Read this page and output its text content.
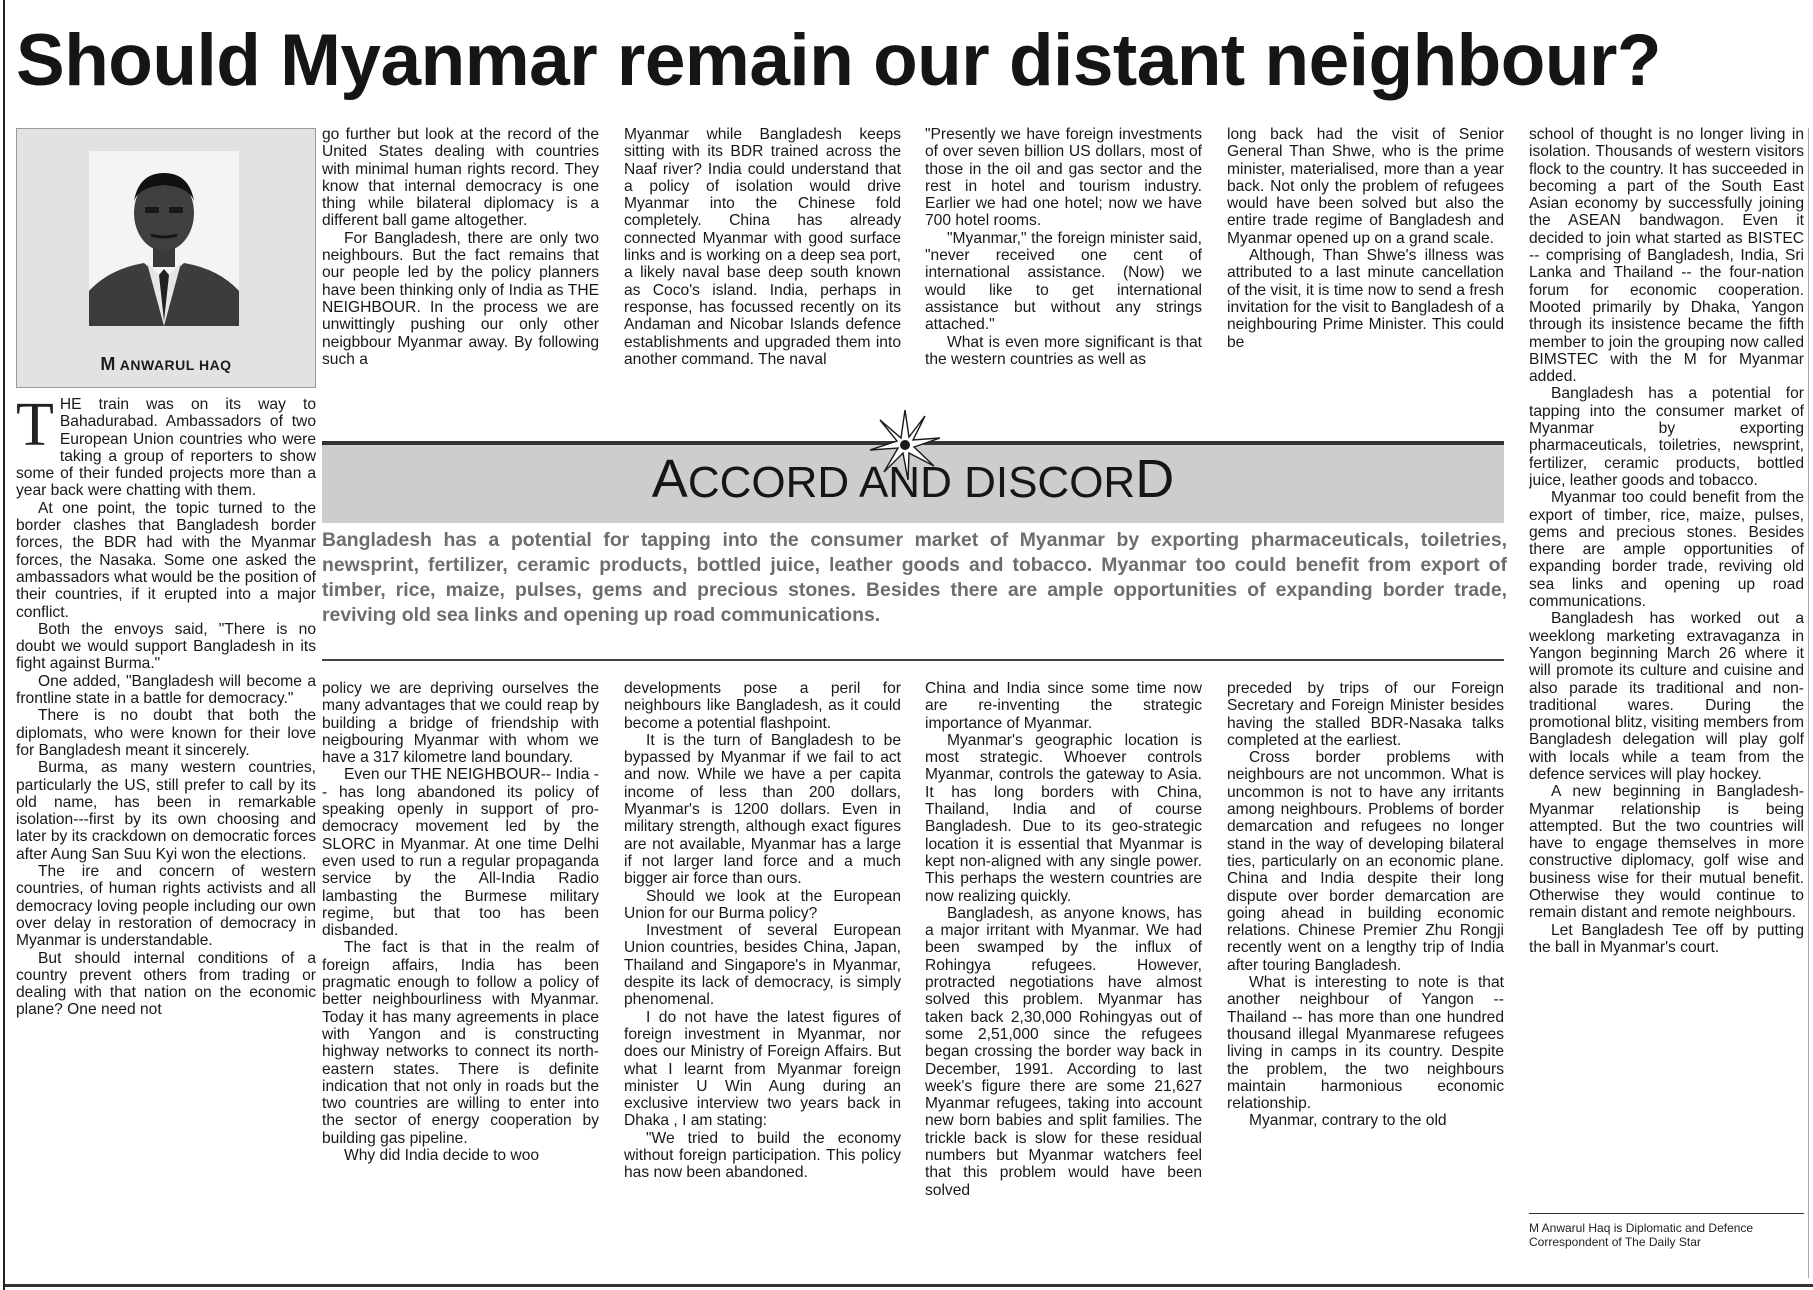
Should Myanmar remain our distant neighbour?
M ANWARUL HAQ

THE train was on its way to Bahadurabad. Ambassadors of two European Union countries who were taking a group of reporters to show some of their funded projects more than a year back were chatting with them.

At one point, the topic turned to the border clashes that Bangladesh border forces, the BDR had with the Myanmar forces, the Nasaka. Some one asked the ambassadors what would be the position of their countries, if it erupted into a major conflict.

Both the envoys said, "There is no doubt we would support Bangladesh in its fight against Burma."

One added, "Bangladesh will become a frontline state in a battle for democracy."

There is no doubt that both the diplomats, who were known for their love for Bangladesh meant it sincerely.

Burma, as many western countries, particularly the US, still prefer to call by its old name, has been in remarkable isolation---first by its own choosing and later by its crackdown on democratic forces after Aung San Suu Kyi won the elections.

The ire and concern of western countries, of human rights activists and all democracy loving people including our own over delay in restoration of democracy in Myanmar is understandable.

But should internal conditions of a country prevent others from trading or dealing with that nation on the economic plane? One need not

go further but look at the record of the United States dealing with countries with minimal human rights record. They know that internal democracy is one thing while bilateral diplomacy is a different ball game altogether.

For Bangladesh, there are only two neighbours. But the fact remains that our people led by the policy planners have been thinking only of India as THE NEIGHBOUR. In the process we are unwittingly pushing our only other neigbbour Myanmar away. By following such a

Myanmar while Bangladesh keeps sitting with its BDR trained across the Naaf river? India could understand that a policy of isolation would drive Myanmar into the Chinese fold completely. China has already connected Myanmar with good surface links and is working on a deep sea port, a likely naval base deep south known as Coco's island. India, perhaps in response, has focussed recently on its Andaman and Nicobar Islands defence establishments and upgraded them into another command. The naval

"Presently we have foreign investments of over seven billion US dollars, most of those in the oil and gas sector and the rest in hotel and tourism industry. Earlier we had one hotel; now we have 700 hotel rooms.

"Myanmar," the foreign minister said, "never received one cent of international assistance. (Now) we would like to get international assistance but without any strings attached."

What is even more significant is that the western countries as well as

long back had the visit of Senior General Than Shwe, who is the prime minister, materialised, more than a year back. Not only the problem of refugees would have been solved but also the entire trade regime of Bangladesh and Myanmar opened up on a grand scale.

Although, Than Shwe's illness was attributed to a last minute cancellation of the visit, it is time now to send a fresh invitation for the visit to Bangladesh of a neighbouring Prime Minister. This could be

ACCORD AND DISCORD

Bangladesh has a potential for tapping into the consumer market of Myanmar by exporting pharmaceuticals, toiletries, newsprint, fertilizer, ceramic products, bottled juice, leather goods and tobacco. Myanmar too could benefit from export of timber, rice, maize, pulses, gems and precious stones. Besides there are ample opportunities of expanding border trade, reviving old sea links and opening up road communications.

policy we are depriving ourselves the many advantages that we could reap by building a bridge of friendship with neigbouring Myanmar with whom we have a 317 kilometre land boundary.

Even our THE NEIGHBOUR-- India -- has long abandoned its policy of speaking openly in support of pro-democracy movement led by the SLORC in Myanmar. At one time Delhi even used to run a regular propaganda service by the All-India Radio lambasting the Burmese military regime, but that too has been disbanded.

The fact is that in the realm of foreign affairs, India has been pragmatic enough to follow a policy of better neighbourliness with Myanmar. Today it has many agreements in place with Yangon and is constructing highway networks to connect its north-eastern states. There is definite indication that not only in roads but the two countries are willing to enter into the sector of energy cooperation by building gas pipeline.

Why did India decide to woo

developments pose a peril for neighbours like Bangladesh, as it could become a potential flashpoint.

It is the turn of Bangladesh to be bypassed by Myanmar if we fail to act and now. While we have a per capita income of less than 200 dollars, Myanmar's is 1200 dollars. Even in military strength, although exact figures are not available, Myanmar has a large if not larger land force and a much bigger air force than ours.

Should we look at the European Union for our Burma policy?

Investment of several European Union countries, besides China, Japan, Thailand and Singapore's in Myanmar, despite its lack of democracy, is simply phenomenal.

I do not have the latest figures of foreign investment in Myanmar, nor does our Ministry of Foreign Affairs. But what I learnt from Myanmar foreign minister U Win Aung during an exclusive interview two years back in Dhaka , I am stating:

"We tried to build the economy without foreign participation. This policy has now been abandoned.

China and India since some time now are re-inventing the strategic importance of Myanmar.

Myanmar's geographic location is most strategic. Whoever controls Myanmar, controls the gateway to Asia. It has long borders with China, Thailand, India and of course Bangladesh. Due to its geo-strategic location it is essential that Myanmar is kept non-aligned with any single power. This perhaps the western countries are now realizing quickly.

Bangladesh, as anyone knows, has a major irritant with Myanmar. We had been swamped by the influx of Rohingya refugees. However, protracted negotiations have almost solved this problem. Myanmar has taken back 2,30,000 Rohingyas out of some 2,51,000 since the refugees began crossing the border way back in December, 1991. According to last week's figure there are some 21,627 Myanmar refugees, taking into account new born babies and split families. The trickle back is slow for these residual numbers but Myanmar watchers feel that this problem would have been solved

preceded by trips of our Foreign Secretary and Foreign Minister besides having the stalled BDR-Nasaka talks completed at the earliest.

Cross border problems with neighbours are not uncommon. What is uncommon is not to have any irritants among neighbours. Problems of border demarcation and refugees no longer stand in the way of developing bilateral ties, particularly on an economic plane. China and India despite their long dispute over border demarcation are going ahead in building economic relations. Chinese Premier Zhu Rongji recently went on a lengthy trip of India after touring Bangladesh.

What is interesting to note is that another neighbour of Yangon -- Thailand -- has more than one hundred thousand illegal Myanmarese refugees living in camps in its country. Despite the problem, the two neighbours maintain harmonious economic relationship.

Myanmar, contrary to the old

school of thought is no longer living in isolation. Thousands of western visitors flock to the country. It has succeeded in becoming a part of the South East Asian economy by successfully joining the ASEAN bandwagon. Even it decided to join what started as BISTEC -- comprising of Bangladesh, India, Sri Lanka and Thailand -- the four-nation forum for economic cooperation. Mooted primarily by Dhaka, Yangon through its insistence became the fifth member to join the grouping now called BIMSTEC with the M for Myanmar added.

Bangladesh has a potential for tapping into the consumer market of Myanmar by exporting pharmaceuticals, toiletries, newsprint, fertilizer, ceramic products, bottled juice, leather goods and tobacco.

Myanmar too could benefit from the export of timber, rice, maize, pulses, gems and precious stones. Besides there are ample opportunities of expanding border trade, reviving old sea links and opening up road communications.

Bangladesh has worked out a weeklong marketing extravaganza in Yangon beginning March 26 where it will promote its culture and cuisine and also parade its traditional and non-traditional wares. During the promotional blitz, visiting members from Bangladesh delegation will play golf with locals while a team from the defence services will play hockey.

A new beginning in Bangladesh-Myanmar relationship is being attempted. But the two countries will have to engage themselves in more constructive diplomacy, golf wise and business wise for their mutual benefit. Otherwise they would continue to remain distant and remote neighbours.

Let Bangladesh Tee off by putting the ball in Myanmar's court.

M Anwarul Haq is Diplomatic and Defence Correspondent of The Daily Star
